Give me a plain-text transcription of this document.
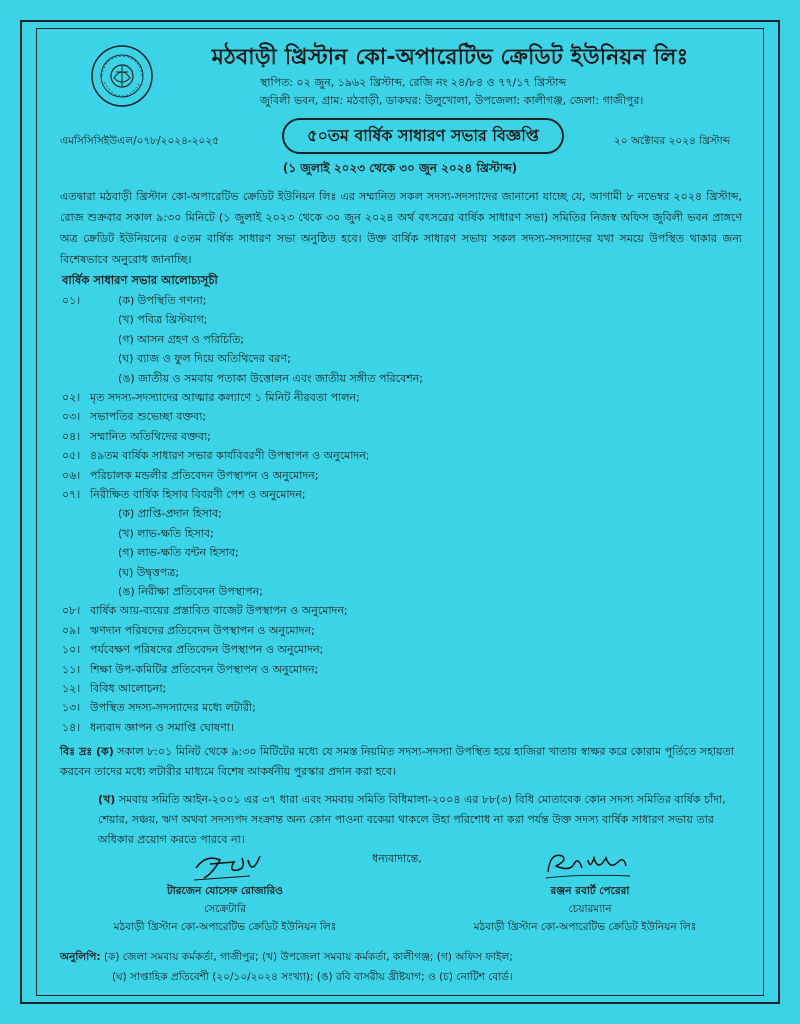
মঠবাড়ী খ্রিস্টান কো-অপারেটিভ ক্রেডিট ইউনিয়ন লিঃ
স্থাপিত: ০২ জুন, ১৯৬২ খ্রিস্টাব্দ, রেজি নং ২৪/৮৪ ও ৭৭/১৭ খ্রিস্টাব্দ
জুবিলী ভবন, গ্রাম: মঠবাড়ী, ডাকঘর: উলুখোলা, উপজেলা: কালীগঞ্জ, জেলা: গাজীপুর।
এমসিসিসিইউএল/০৭৮/২০২৪-২০২৫	৫০তম বার্ষিক সাধারণ সভার বিজ্ঞপ্তি	২০ অক্টোবর ২০২৪ খ্রিস্টাব্দ
(১ জুলাই ২০২৩ থেকে ৩০ জুন ২০২৪ খ্রিস্টাব্দ)
এতদ্বারা মঠবাড়ী খ্রিস্টান কো-অপারেটিভ ক্রেডিট ইউনিয়ন লিঃ এর সম্মানিত সকল সদস্য-সদস্যাদের জানানো যাচ্ছে যে, আগামী ৮ নভেম্বর ২০২৪ খ্রিস্টাব্দ, রোজ শুক্রবার সকাল ৯:৩০ মিনিটে (১ জুলাই ২০২৩ থেকে ৩০ জুন ২০২৪ অর্থ বৎসরের বার্ষিক সাধারণ সভা) সমিতির নিজস্ব অফিস জুবিলী ভবন প্রাঙ্গণে অত্র ক্রেডিট ইউনিয়নের ৫০তম বার্ষিক সাধারণ সভা অনুষ্ঠিত হবে। উক্ত বার্ষিক সাধারণ সভায় সকল সদস্য-সদস্যাদের যথা সময়ে উপস্থিত থাকার জন্য বিশেষভাবে অনুরোধ জানাচ্ছি।
বার্ষিক সাধারণ সভার আলোচ্যসূচী
০১।	(ক) উপস্থিতি গণনা;
(খ) পবিত্র খ্রিস্টযাগ;
(গ) আসন গ্রহণ ও পরিচিতি;
(ঘ) ব্যাজ ও ফুল দিয়ে অতিথিদের বরণ;
(ঙ) জাতীয় ও সমবায় পতাকা উত্তোলন এবং জাতীয় সঙ্গীত পরিবেশন;
০২। মৃত সদস্য-সদস্যাদের আত্মার কল্যাণে ১ মিনিট নীরবতা পালন;
০৩। সভাপতির শুভেচ্ছা বক্তব্য;
০৪। সম্মানিত অতিথিদের বক্তব্য;
০৫। ৪৯তম বার্ষিক সাধারণ সভার কার্যবিবরণী উপস্থাপন ও অনুমোদন;
০৬। পরিচালক মন্ডলীর প্রতিবেদন উপস্থাপন ও অনুমোদন;
০৭। নিরীক্ষিত বার্ষিক হিসাব বিবরণী পেশ ও অনুমোদন;
(ক) প্রাপ্তি-প্রদান হিসাব;
(খ) লাভ-ক্ষতি হিসাব;
(গ) লাভ-ক্ষতি বন্টন হিসাব;
(ঘ) উদ্বৃত্তপত্র;
(ঙ) নিরীক্ষা প্রতিবেদন উপস্থাপন;
০৮। বার্ষিক আয়-ব্যয়ের প্রস্তাবিত বাজেট উপস্থাপন ও অনুমোদন;
০৯। ঋণদান পরিষদের প্রতিবেদন উপস্থাপন ও অনুমোদন;
১০। পর্যবেক্ষণ পরিষদের প্রতিবেদন উপস্থাপন ও অনুমোদন;
১১। শিক্ষা উপ-কমিটির প্রতিবেদন উপস্থাপন ও অনুমোদন;
১২। বিবিধ আলোচনা;
১৩। উপস্থিত সদস্য-সদস্যাদের মধ্যে লটারী;
১৪। ধন্যবাদ জ্ঞাপন ও সমাপ্তি ঘোষণা।
বিঃ দ্রঃ (ক) সকাল ৮:০১ মিনিট থেকে ৯:৩০ মিটিটের মধ্যে যে সমস্ত নিয়মিত সদস্য-সদস্যা উপস্থিত হয়ে হাজিরা খাতায় স্বাক্ষর করে কোরাম পূর্তিতে সহায়তা করবেন তাদের মধ্যে লটারীর মাধ্যমে বিশেষ আকর্ষনীয় পুরস্কার প্রদান করা হবে।
(খ) সমবায় সমিতি আইন-২০০১ এর ৩৭ ধারা এবং সমবায় সমিতি বিধিমালা-২০০৪ এর ৮৮(৩) বিধি মোতাবেক কোন সদস্য সমিতির বার্ষিক চাঁদা, শেয়ার, সঞ্চয়, ঋণ অথবা সদস্যপদ সংক্রান্ত অন্য কোন পাওনা বকেয়া থাকলে উহা পরিশোধ না করা পর্যন্ত উক্ত সদস্য বার্ষিক সাধারণ সভায় তার অধিকার প্রয়োগ করতে পারবে না।
ধন্যবাদান্তে,
টারজেন যোসেফ রোজারিও
সেক্রেটারি
মঠবাড়ী খ্রিস্টান কো-অপারেটিভ ক্রেডিট ইউনিয়ন লিঃ
রঞ্জন রবার্ট পেরেরা
চেয়ারম্যান
মঠবাড়ী খ্রিস্টান কো-অপারেটিভ ক্রেডিট ইউনিয়ন লিঃ
অনুলিপি: (ক) জেলা সমবায় কর্মকর্তা, গাজীপুর; (খ) উপজেলা সমবায় কর্মকর্তা, কালীগঞ্জ; (গ) অফিস ফাইল;
(ঘ) সাপ্তাহিক প্রতিবেশী (২০/১০/২০২৪ সংখ্যা); (ঙ) রবি বাসরীয় খ্রীষ্টযাগ; ও (চ) নোটিশ বোর্ড।
